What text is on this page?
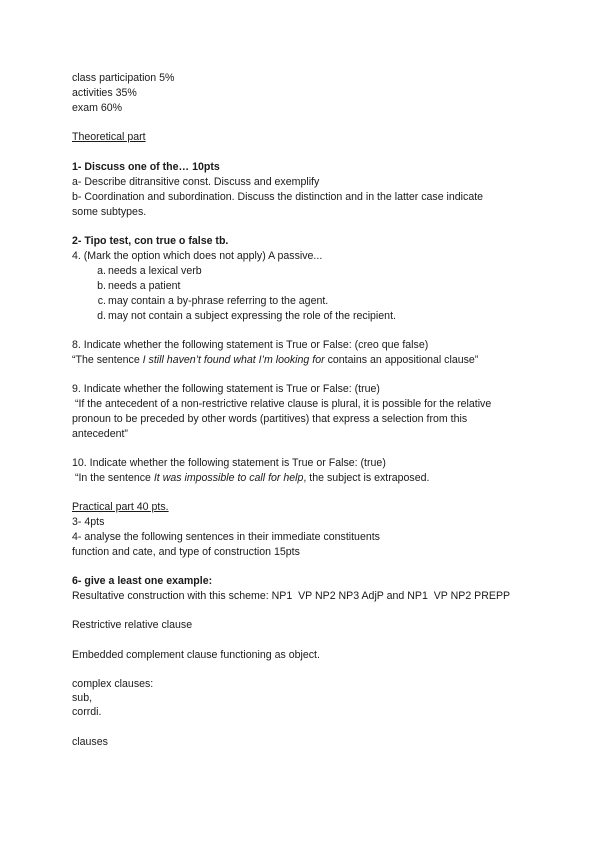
class participation 5%
activities 35%
exam 60%
Theoretical part
1- Discuss one of the… 10pts
a- Describe ditransitive const. Discuss and exemplify
b- Coordination and subordination. Discuss the distinction and in the latter case indicate
some subtypes.
2- Tipo test, con true o false tb.
4. (Mark the option which does not apply) A passive...
a. needs a lexical verb
b. needs a patient
c. may contain a by-phrase referring to the agent.
d. may not contain a subject expressing the role of the recipient.
8. Indicate whether the following statement is True or False: (creo que false)
“The sentence I still haven’t found what I’m looking for contains an appositional clause”
9. Indicate whether the following statement is True or False: (true)
“If the antecedent of a non-restrictive relative clause is plural, it is possible for the relative
pronoun to be preceded by other words (partitives) that express a selection from this
antecedent”
10. Indicate whether the following statement is True or False: (true)
“In the sentence It was impossible to call for help, the subject is extraposed.
Practical part 40 pts.
3- 4pts
4- analyse the following sentences in their immediate constituents
function and cate, and type of construction 15pts
6- give a least one example:
Resultative construction with this scheme: NP1  VP NP2 NP3 AdjP and NP1  VP NP2 PREPP
Restrictive relative clause
Embedded complement clause functioning as object.
complex clauses:
sub,
corrdi.
clauses
